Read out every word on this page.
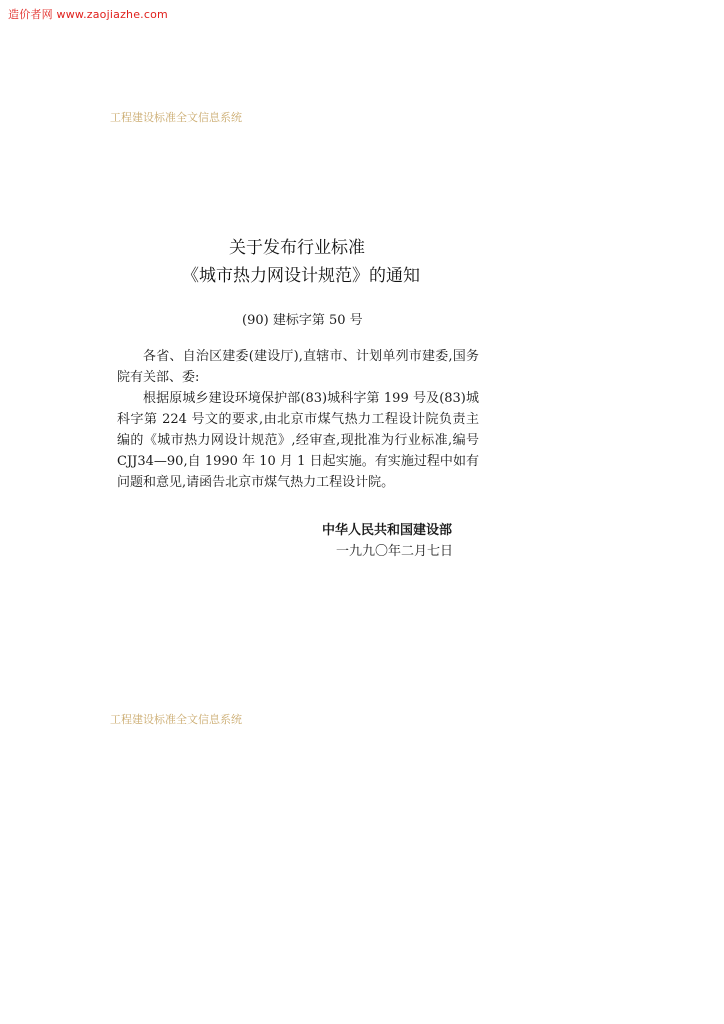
造价者网 www.zaojiazhe.com
工程建设标准全文信息系统
关于发布行业标准
《城市热力网设计规范》的通知
(90) 建标字第 50 号
各省、自治区建委(建设厅),直辖市、计划单列市建委,国务院有关部、委:
根据原城乡建设环境保护部(83)城科字第 199 号及(83)城科字第 224 号文的要求,由北京市煤气热力工程设计院负责主编的《城市热力网设计规范》,经审查,现批准为行业标准,编号 CJJ34—90,自 1990 年 10 月 1 日起实施。有实施过程中如有问题和意见,请函告北京市煤气热力工程设计院。
中华人民共和国建设部
一九九〇年二月七日
工程建设标准全文信息系统
